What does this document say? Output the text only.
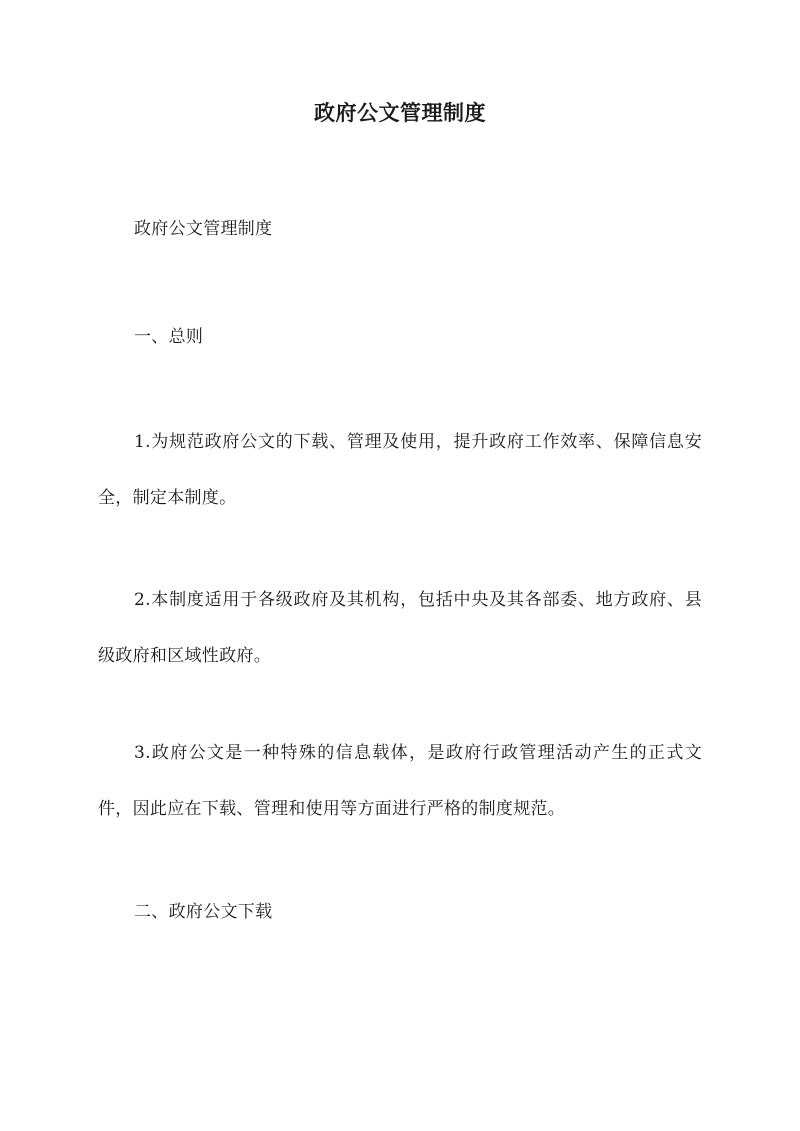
政府公文管理制度

政府公文管理制度

一、总则

1.为规范政府公文的下载、管理及使用，提升政府工作效率、保障信息安全，制定本制度。

2.本制度适用于各级政府及其机构，包括中央及其各部委、地方政府、县级政府和区域性政府。

3.政府公文是一种特殊的信息载体，是政府行政管理活动产生的正式文件，因此应在下载、管理和使用等方面进行严格的制度规范。

二、政府公文下载
